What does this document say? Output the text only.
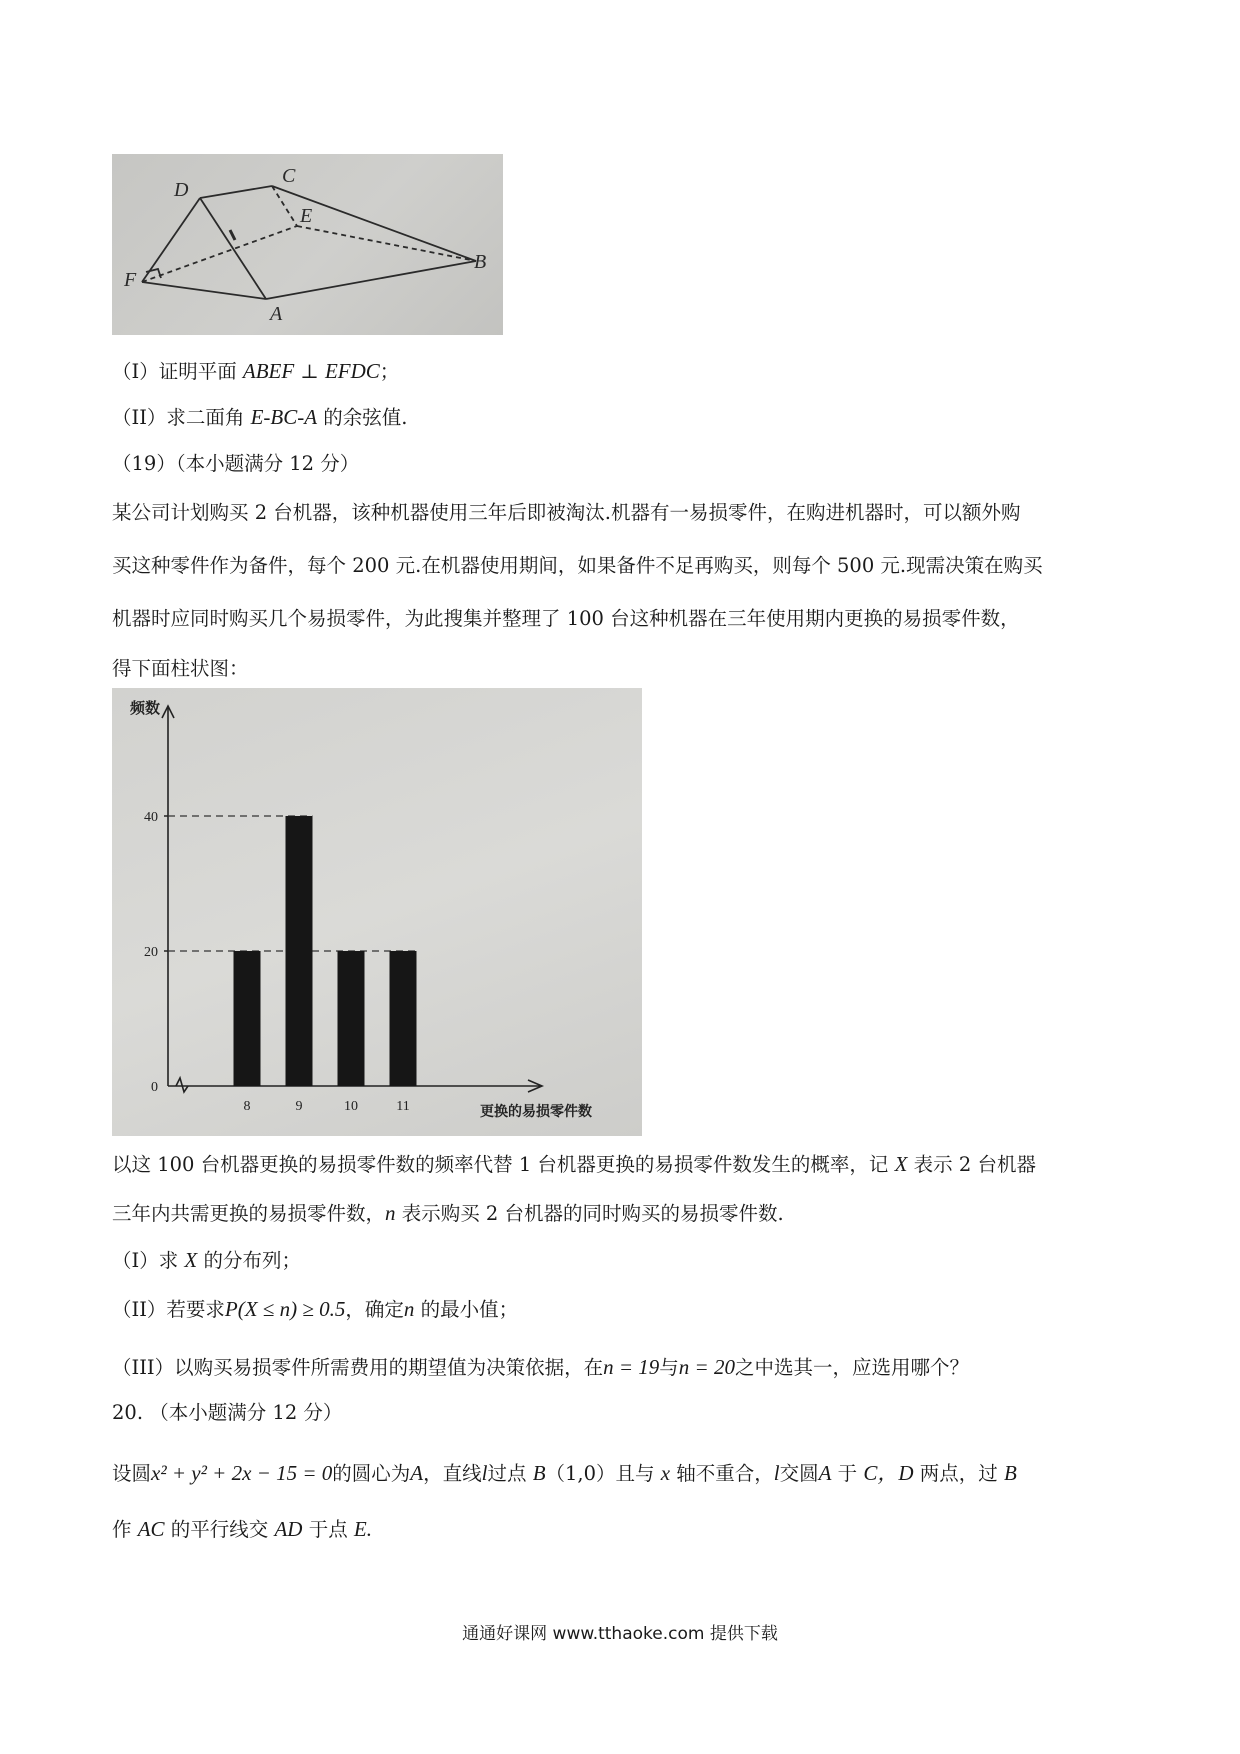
D
C
E
F
B
A
（I）证明平面 ABEF ⊥ EFDC；
（II）求二面角 E-BC-A 的余弦值.
（19）（本小题满分 12 分）
某公司计划购买 2 台机器，该种机器使用三年后即被淘汰.机器有一易损零件，在购进机器时，可以额外购
买这种零件作为备件，每个 200 元.在机器使用期间，如果备件不足再购买，则每个 500 元.现需决策在购买
机器时应同时购买几个易损零件，为此搜集并整理了 100 台这种机器在三年使用期内更换的易损零件数，
得下面柱状图：
频数
更换的易损零件数
0
20
40
8	9	10	11
以这 100 台机器更换的易损零件数的频率代替 1 台机器更换的易损零件数发生的概率，记 X 表示 2 台机器
三年内共需更换的易损零件数，n 表示购买 2 台机器的同时购买的易损零件数.
（I）求 X 的分布列；
（II）若要求P(X ≤ n) ≥ 0.5，确定n 的最小值；
（III）以购买易损零件所需费用的期望值为决策依据，在n = 19与n = 20之中选其一，应选用哪个？
20. （本小题满分 12 分）
设圆x² + y² + 2x − 15 = 0的圆心为A，直线l过点 B（1,0）且与 x 轴不重合，l交圆A 于 C，D 两点，过 B
作 AC 的平行线交 AD 于点 E.
通通好课网 www.tthaoke.com 提供下载
